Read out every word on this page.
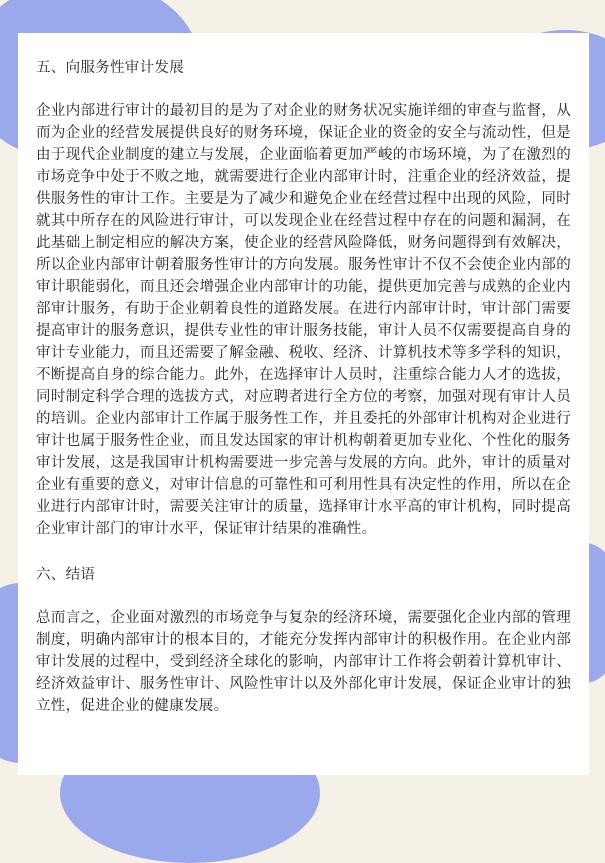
五、向服务性审计发展

企业内部进行审计的最初目的是为了对企业的财务状况实施详细的审查与监督，从而为企业的经营发展提供良好的财务环境，保证企业的资金的安全与流动性，但是由于现代企业制度的建立与发展，企业面临着更加严峻的市场环境，为了在激烈的市场竞争中处于不败之地，就需要进行企业内部审计时，注重企业的经济效益，提供服务性的审计工作。主要是为了减少和避免企业在经营过程中出现的风险，同时就其中所存在的风险进行审计，可以发现企业在经营过程中存在的问题和漏洞，在此基础上制定相应的解决方案，使企业的经营风险降低，财务问题得到有效解决，所以企业内部审计朝着服务性审计的方向发展。服务性审计不仅不会使企业内部的审计职能弱化，而且还会增强企业内部审计的功能，提供更加完善与成熟的企业内部审计服务，有助于企业朝着良性的道路发展。在进行内部审计时，审计部门需要提高审计的服务意识，提供专业性的审计服务技能，审计人员不仅需要提高自身的审计专业能力，而且还需要了解金融、税收、经济、计算机技术等多学科的知识，不断提高自身的综合能力。此外，在选择审计人员时，注重综合能力人才的选拔，同时制定科学合理的选拔方式，对应聘者进行全方位的考察，加强对现有审计人员的培训。企业内部审计工作属于服务性工作，并且委托的外部审计机构对企业进行审计也属于服务性企业，而且发达国家的审计机构朝着更加专业化、个性化的服务审计发展，这是我国审计机构需要进一步完善与发展的方向。此外，审计的质量对企业有重要的意义，对审计信息的可靠性和可利用性具有决定性的作用，所以在企业进行内部审计时，需要关注审计的质量，选择审计水平高的审计机构，同时提高企业审计部门的审计水平，保证审计结果的准确性。

六、结语

总而言之，企业面对激烈的市场竞争与复杂的经济环境，需要强化企业内部的管理制度，明确内部审计的根本目的，才能充分发挥内部审计的积极作用。在企业内部审计发展的过程中，受到经济全球化的影响，内部审计工作将会朝着计算机审计、经济效益审计、服务性审计、风险性审计以及外部化审计发展，保证企业审计的独立性，促进企业的健康发展。
